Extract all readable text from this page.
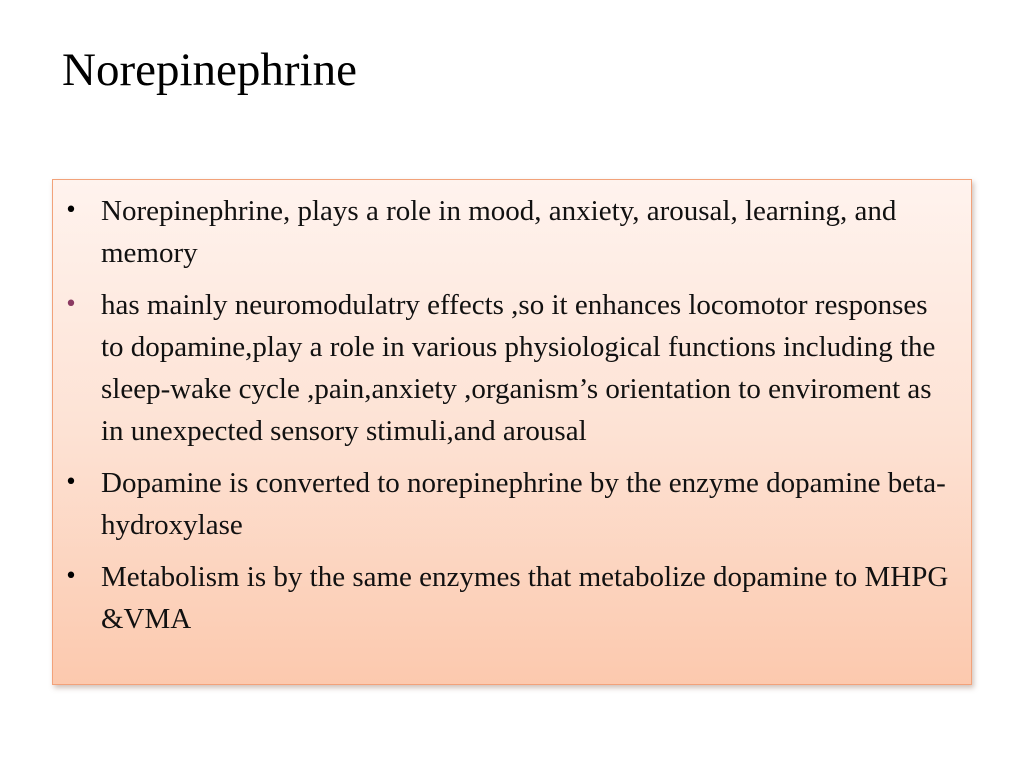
Norepinephrine
• Norepinephrine, plays a role in mood, anxiety, arousal, learning, and memory
• has mainly neuromodulatry effects ,so it enhances locomotor responses to dopamine,play a role in various physiological functions including the sleep-wake cycle ,pain,anxiety ,organism’s orientation to enviroment as in unexpected sensory stimuli,and arousal
• Dopamine is converted to norepinephrine by the enzyme dopamine beta-hydroxylase
• Metabolism is by the same enzymes that metabolize dopamine to MHPG &VMA
